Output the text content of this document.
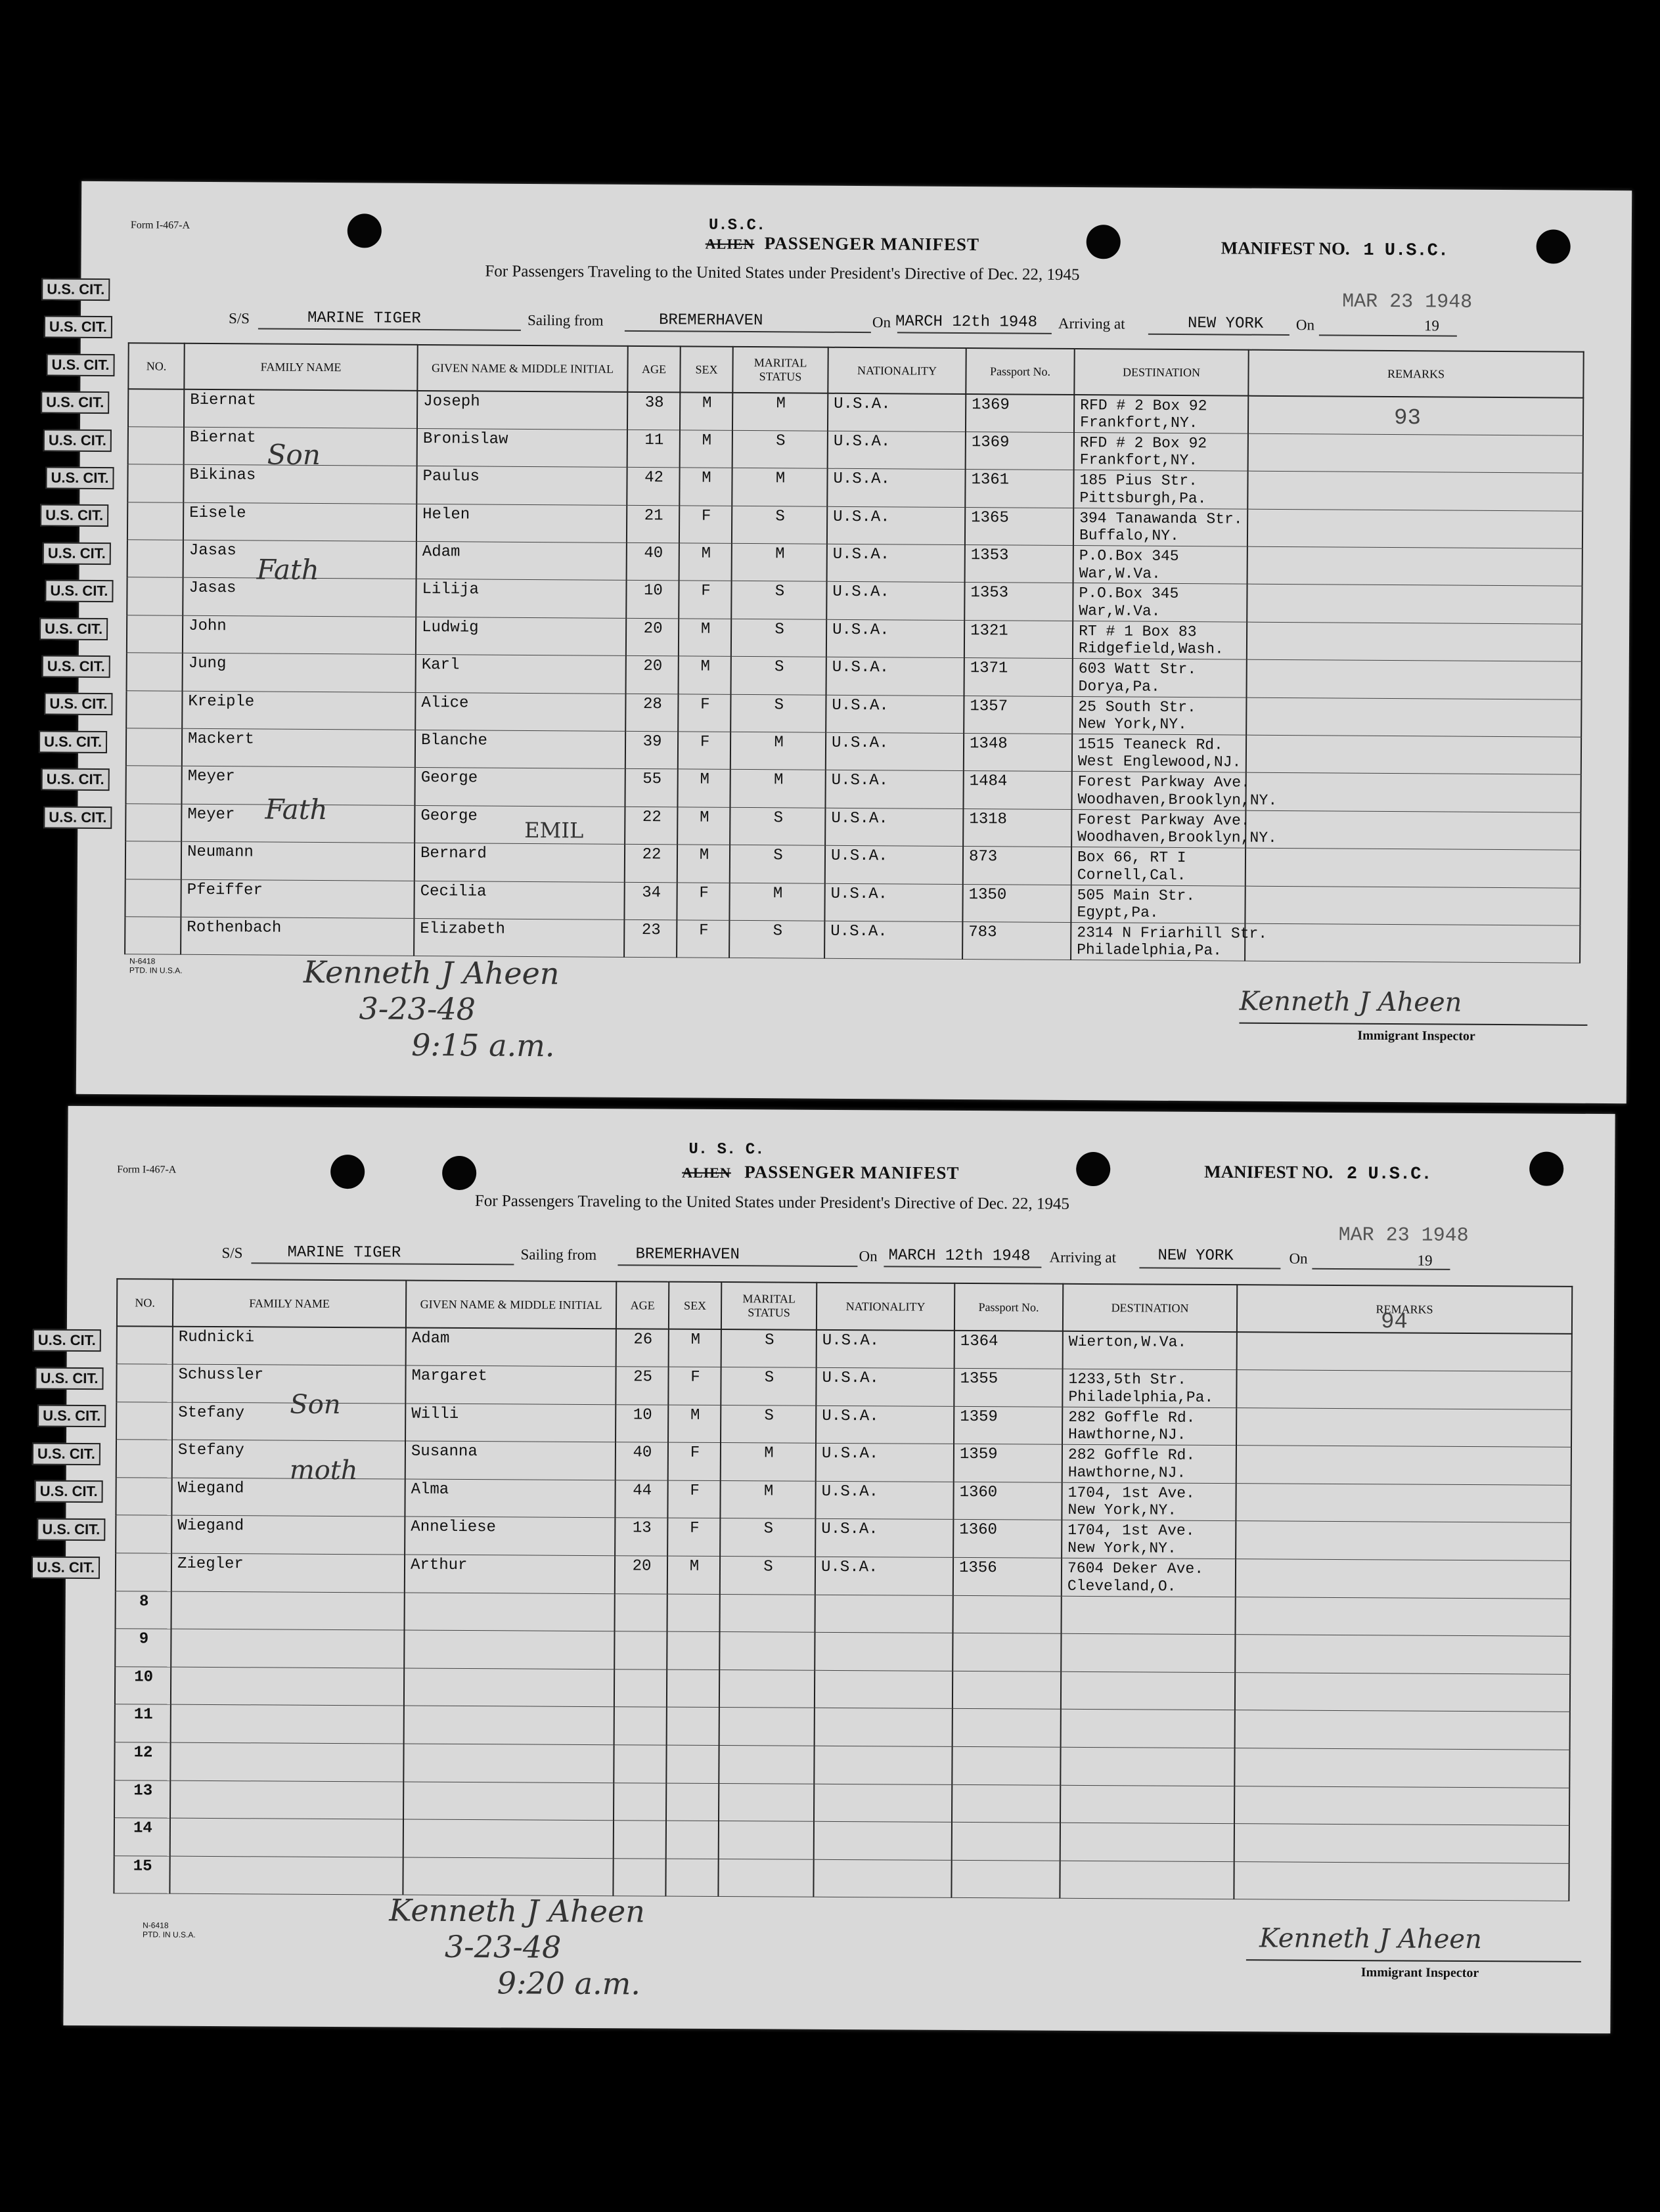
Form I-467-A	U.S.C.
ALIEN PASSENGER MANIFEST	MANIFEST NO. 1 U.S.C.
For Passengers Traveling to the United States under President's Directive of Dec. 22, 1945
S/S	MARINE TIGER	Sailing from	BREMERHAVEN	On MARCH 12th 1948 Arriving at	NEW YORK On
MAR 23 1948
19
NO.	FAMILY NAME	GIVEN NAME & MIDDLE INITIAL	AGE	SEX	MARITAL STATUS	NATIONALITY	Passport No.	DESTINATION	REMARKS
	Biernat	Joseph	38	M	M	U.S.A.	1369	RFD # 2 Box 92
Frankfort,NY.	

	Biernat	Bronislaw	11	M	S	U.S.A.	1369	RFD # 2 Box 92
Frankfort,NY.	

	Bikinas	Paulus	42	M	M	U.S.A.	1361	185 Pius Str.
Pittsburgh,Pa.	

	Eisele	Helen	21	F	S	U.S.A.	1365	394 Tanawanda Str.
Buffalo,NY.	

	Jasas	Adam	40	M	M	U.S.A.	1353	P.O.Box 345
War,W.Va.	

	Jasas	Lilija	10	F	S	U.S.A.	1353	P.O.Box 345
War,W.Va.	

	John	Ludwig	20	M	S	U.S.A.	1321	RT # 1 Box 83
Ridgefield,Wash.	

	Jung	Karl	20	M	S	U.S.A.	1371	603 Watt Str.
Dorya,Pa.	

	Kreiple	Alice	28	F	S	U.S.A.	1357	25 South Str.
New York,NY.	

	Mackert	Blanche	39	F	M	U.S.A.	1348	1515 Teaneck Rd.
West Englewood,NJ.	

	Meyer	George	55	M	M	U.S.A.	1484	Forest Parkway Ave.
Woodhaven,Brooklyn,NY.	

	Meyer	George	22	M	S	U.S.A.	1318	Forest Parkway Ave.
Woodhaven,Brooklyn,NY.	

	Neumann	Bernard	22	M	S	U.S.A.	873	Box 66, RT I
Cornell,Cal.	

	Pfeiffer	Cecilia	34	F	M	U.S.A.	1350	505 Main Str.
Egypt,Pa.	

	Rothenbach	Elizabeth	23	F	S	U.S.A.	783	2314 N Friarhill Str.
Philadelphia,Pa.	

93
Son
Fath
Fath
EMIL
N-6418
PTD. IN U.S.A.	Kenneth J Aheen
3-23-48
9:15 a.m.
Kenneth J Aheen
Immigrant Inspector
U.S. CIT.
U.S. CIT.
U.S. CIT.
U.S. CIT.
U.S. CIT.
U.S. CIT.
U.S. CIT.
U.S. CIT.
U.S. CIT.
U.S. CIT.
U.S. CIT.
U.S. CIT.
U.S. CIT.
U.S. CIT.
U.S. CIT.
Form I-467-A
U. S. C.
ALIEN PASSENGER MANIFEST	MANIFEST NO. 2 U.S.C.
For Passengers Traveling to the United States under President's Directive of Dec. 22, 1945
S/S	MARINE TIGER	Sailing from BREMERHAVEN	On MARCH 12th 1948 Arriving at	NEW YORK	On
MAR 23 1948
19
NO.	FAMILY NAME	GIVEN NAME & MIDDLE INITIAL	AGE	SEX	MARITAL STATUS	NATIONALITY	Passport No.	DESTINATION	REMARKS
	Rudnicki	Adam	26	M	S	U.S.A.	1364	Wierton,W.Va.	

	Schussler	Margaret	25	F	S	U.S.A.	1355	1233,5th Str.
Philadelphia,Pa.	

	Stefany	Willi	10	M	S	U.S.A.	1359	282 Goffle Rd.
Hawthorne,NJ.	

	Stefany	Susanna	40	F	M	U.S.A.	1359	282 Goffle Rd.
Hawthorne,NJ.	

	Wiegand	Alma	44	F	M	U.S.A.	1360	1704, 1st Ave.
New York,NY.	

	Wiegand	Anneliese	13	F	S	U.S.A.	1360	1704, 1st Ave.
New York,NY.	

	Ziegler	Arthur	20	M	S	U.S.A.	1356	7604 Deker Ave.
Cleveland,O.	

8								

9								

10								

11								

12								

13								

14								

15								

94
Son
moth
N-6418
PTD. IN U.S.A.
Kenneth J Aheen
3-23-48
9:20 a.m.
Kenneth J Aheen
Immigrant Inspector
U.S. CIT.
U.S. CIT.
U.S. CIT.
U.S. CIT.
U.S. CIT.
U.S. CIT.
U.S. CIT.
